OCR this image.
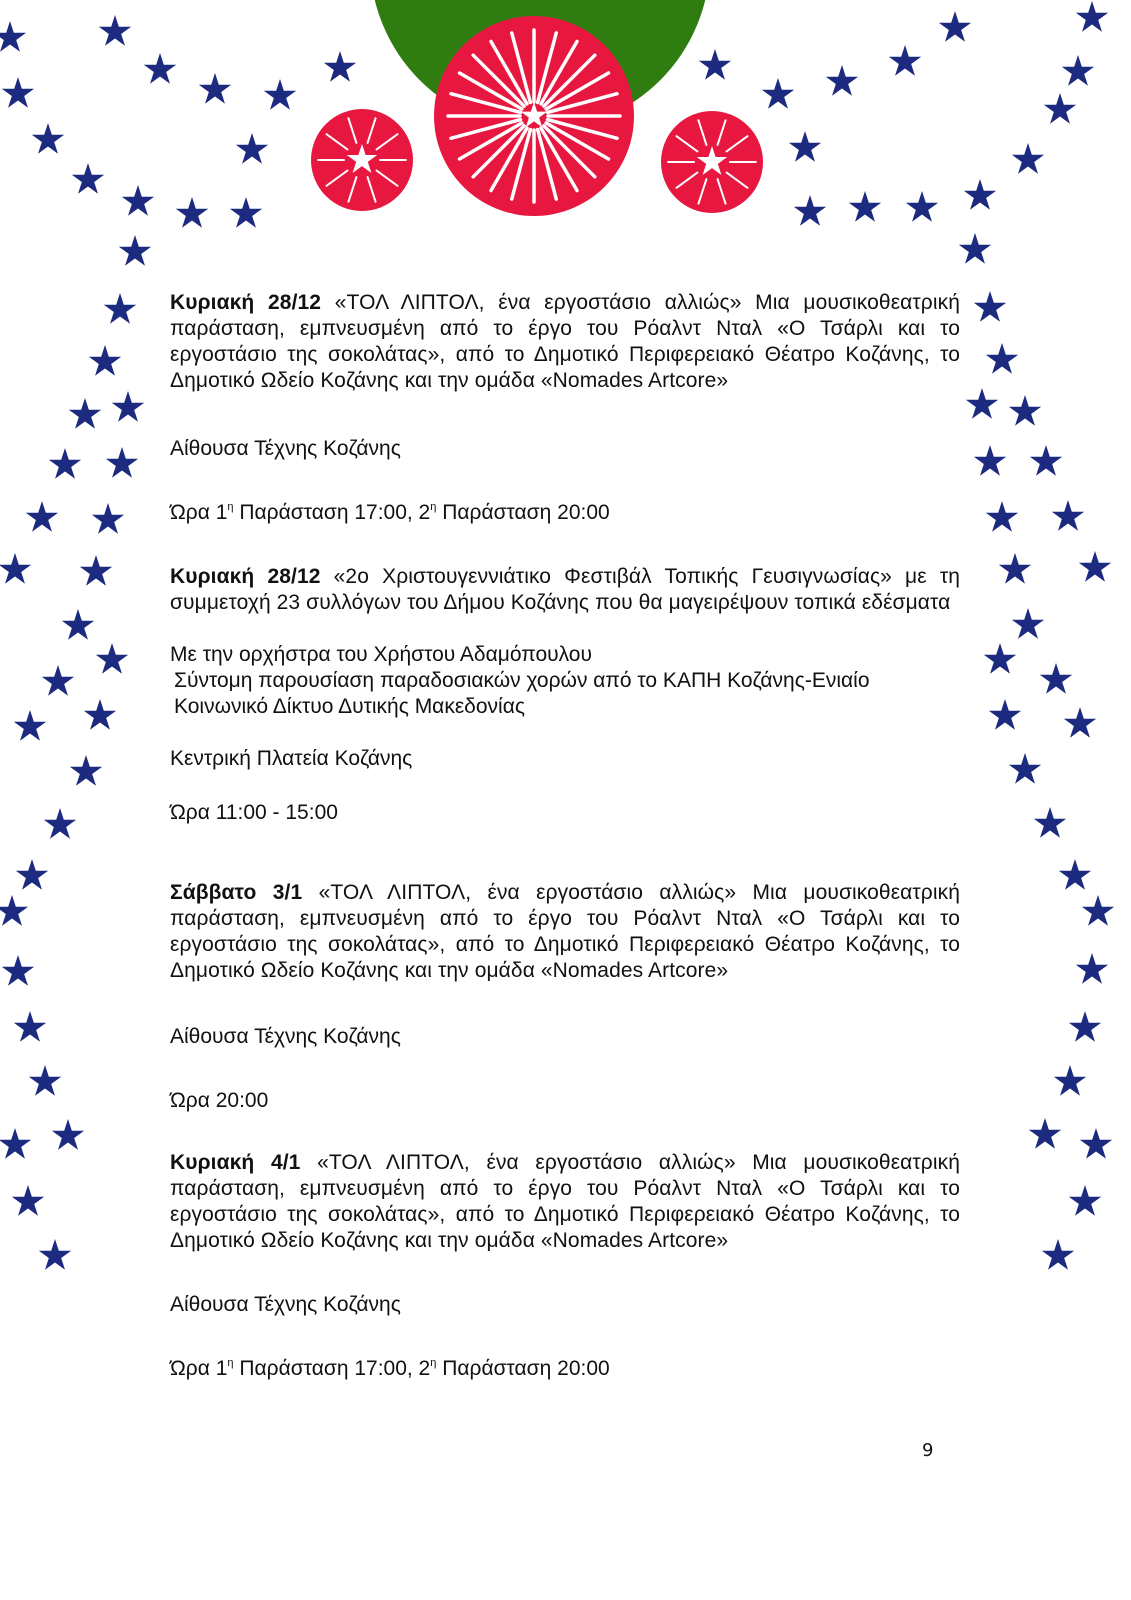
Κυριακή 28/12 «ΤΟΛ ΛΙΠΤΟΛ, ένα εργοστάσιο αλλιώς» Μια μουσικοθεατρική παράσταση, εμπνευσμένη από το έργο του Ρόαλντ Νταλ «Ο Τσάρλι και το εργοστάσιο της σοκολάτας», από το Δημοτικό Περιφερειακό Θέατρο Κοζάνης, το Δημοτικό Ωδείο Κοζάνης και την ομάδα «Nomades Artcore»
Αίθουσα Τέχνης Κοζάνης
Ώρα $1^\eta$ Παράσταση 17:00, $2^\eta$ Παράσταση 20:00
Κυριακή 28/12 «2ο Χριστουγεννιάτικο Φεστιβάλ Τοπικής Γευσιγνωσίας» με τη συμμετοχή 23 συλλόγων του Δήμου Κοζάνης που θα μαγειρέψουν τοπικά εδέσματα
Με την ορχήστρα του Χρήστου Αδαμόπουλου
Σύντομη παρουσίαση παραδοσιακών χορών από το ΚΑΠΗ Κοζάνης-Ενιαίο Κοινωνικό Δίκτυο Δυτικής Μακεδονίας
Κεντρική Πλατεία Κοζάνης
Ώρα 11:00 - 15:00
Σάββατο 3/1 «ΤΟΛ ΛΙΠΤΟΛ, ένα εργοστάσιο αλλιώς» Μια μουσικοθεατρική παράσταση, εμπνευσμένη από το έργο του Ρόαλντ Νταλ «Ο Τσάρλι και το εργοστάσιο της σοκολάτας», από το Δημοτικό Περιφερειακό Θέατρο Κοζάνης, το Δημοτικό Ωδείο Κοζάνης και την ομάδα «Nomades Artcore»
Αίθουσα Τέχνης Κοζάνης
Ώρα 20:00
Κυριακή 4/1 «ΤΟΛ ΛΙΠΤΟΛ, ένα εργοστάσιο αλλιώς» Μια μουσικοθεατρική παράσταση, εμπνευσμένη από το έργο του Ρόαλντ Νταλ «Ο Τσάρλι και το εργοστάσιο της σοκολάτας», από το Δημοτικό Περιφερειακό Θέατρο Κοζάνης, το Δημοτικό Ωδείο Κοζάνης και την ομάδα «Nomades Artcore»
Αίθουσα Τέχνης Κοζάνης
Ώρα $1^\eta$ Παράσταση 17:00, $2^\eta$ Παράσταση 20:00
9
